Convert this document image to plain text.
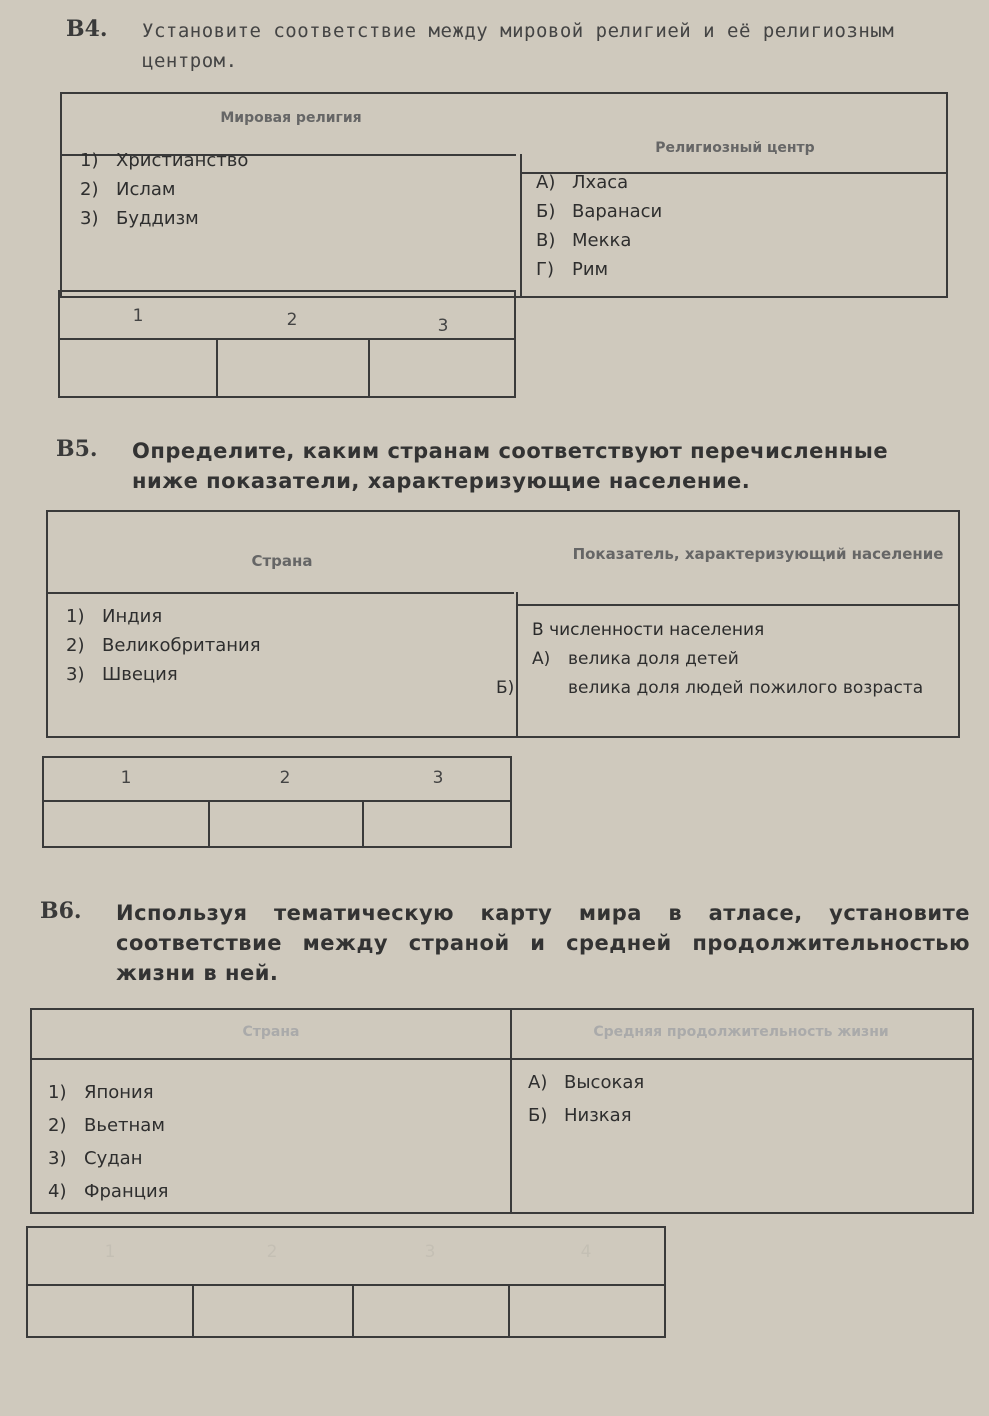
В4. Установите соответствие между мировой религией и её религиозным центром.
Мировая религия
Религиозный центр
1) Христианство
2) Ислам
3) Буддизм
А) Лхаса
Б) Варанаси
В) Мекка
Г) Рим
1	2	3
В5. Определите, каким странам соответствуют перечисленные ниже показатели, характеризующие население.
Страна	Показатель, характеризующий население
1) Индия
2) Великобритания
3) Швеция
В численности населения
А) велика доля детей
Б)	велика доля людей пожилого возраста
1	2	3
В6. Используя тематическую карту мира в атласе, установите соответствие между страной и средней продолжительностью жизни в ней.
Страна	Средняя продолжительность жизни
1) Япония
2) Вьетнам
3) Судан
4) Франция
А) Высокая
Б) Низкая
1	2	3	4
